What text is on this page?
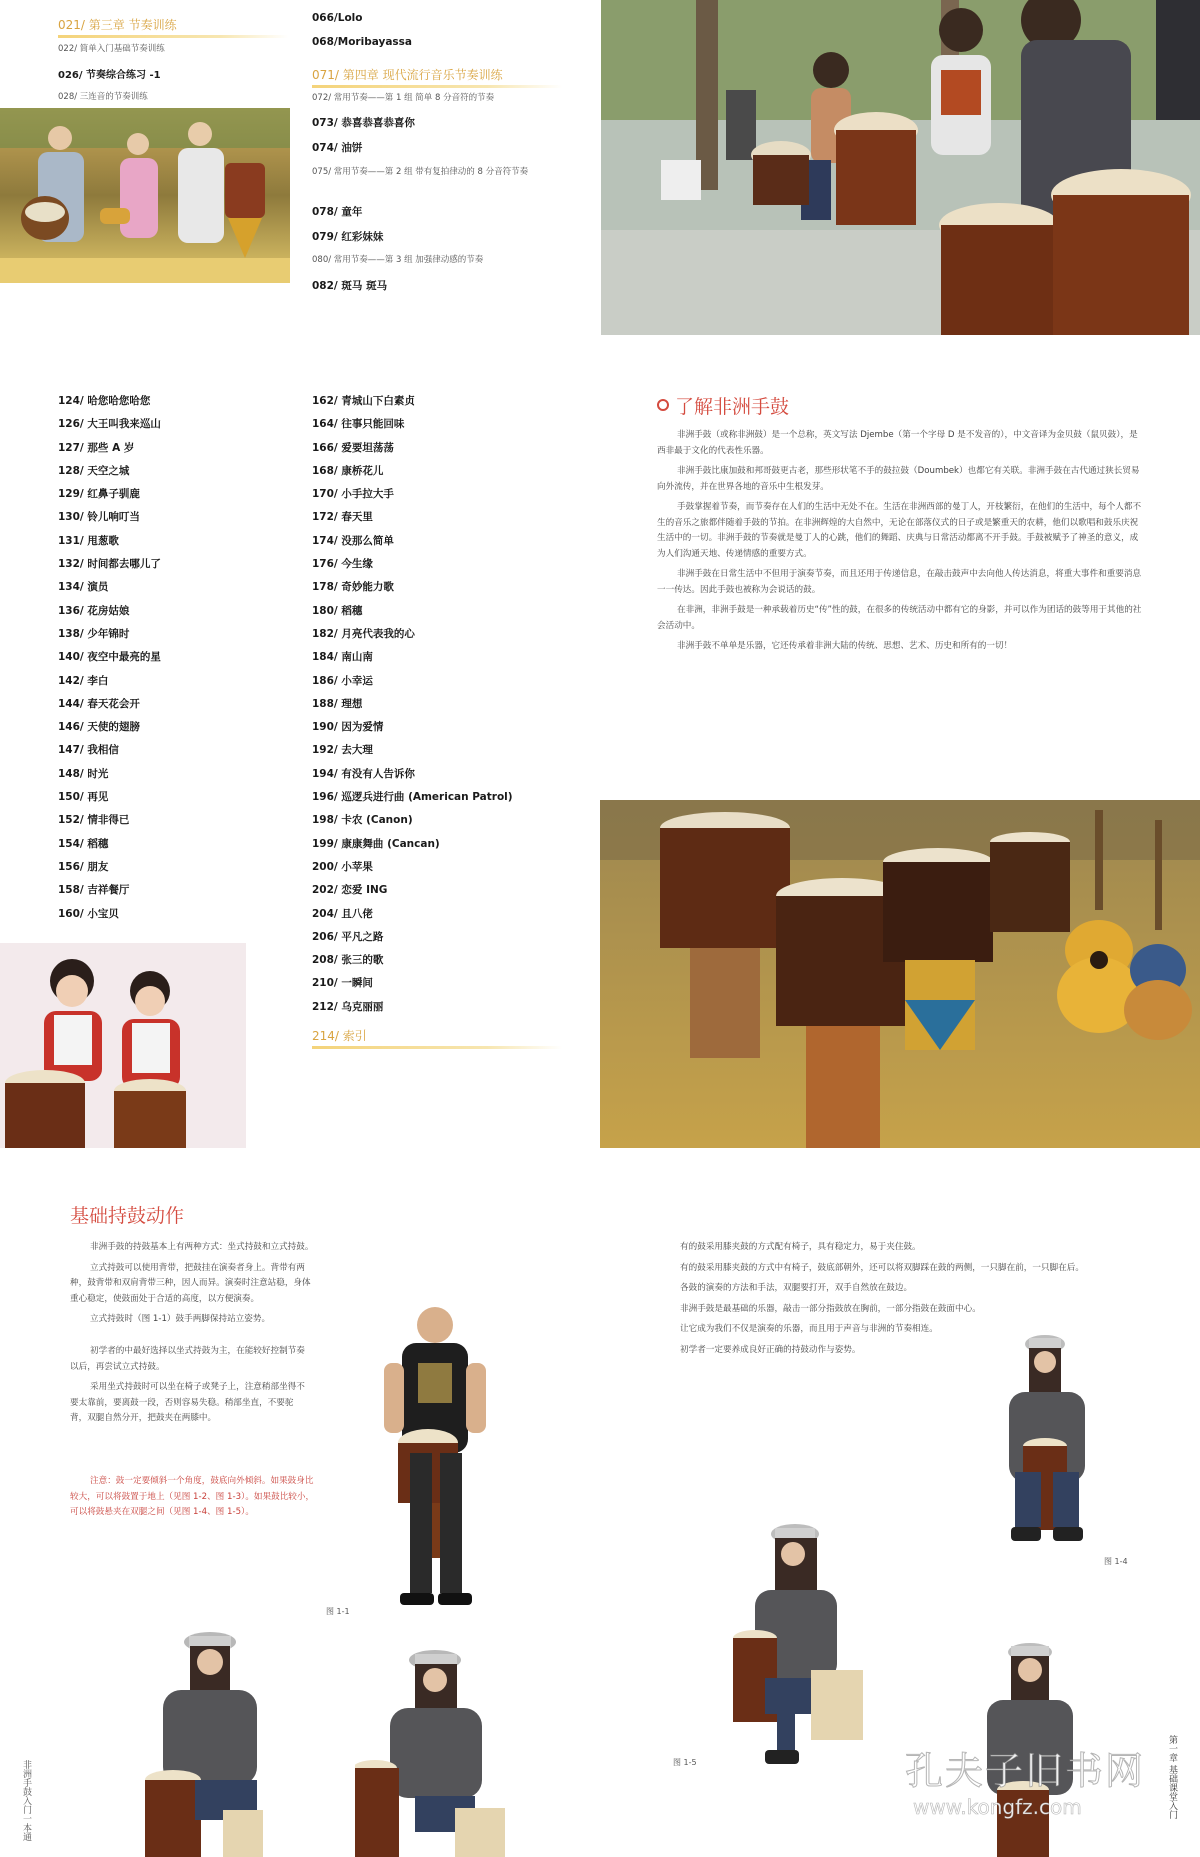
021/ 第三章 节奏训练
022/ 简单入门基础节奏训练
026/ 节奏综合练习 -1
028/ 三连音的节奏训练
066/Lolo
068/Moribayassa
071/ 第四章 现代流行音乐节奏训练
072/ 常用节奏——第 1 组 简单 8 分音符的节奏
073/ 恭喜恭喜恭喜你
074/ 油饼
075/ 常用节奏——第 2 组 带有复拍律动的 8 分音符节奏
078/ 童年
079/ 红彩妹妹
080/ 常用节奏——第 3 组 加强律动感的节奏
082/ 斑马 斑马
124/ 哈您哈您哈您
126/ 大王叫我来巡山
127/ 那些 A 岁
128/ 天空之城
129/ 红鼻子驯鹿
130/ 铃儿响叮当
131/ 甩葱歌
132/ 时间都去哪儿了
134/ 演员
136/ 花房姑娘
138/ 少年锦时
140/ 夜空中最亮的星
142/ 李白
144/ 春天花会开
146/ 天使的翅膀
147/ 我相信
148/ 时光
150/ 再见
152/ 情非得已
154/ 稻穗
156/ 朋友
158/ 吉祥餐厅
160/ 小宝贝
162/ 青城山下白素贞
164/ 往事只能回味
166/ 爱要坦荡荡
168/ 康桥花儿
170/ 小手拉大手
172/ 春天里
174/ 没那么简单
176/ 今生缘
178/ 奇妙能力歌
180/ 稻穗
182/ 月亮代表我的心
184/ 南山南
186/ 小幸运
188/ 理想
190/ 因为爱情
192/ 去大理
194/ 有没有人告诉你
196/ 巡逻兵进行曲 (American Patrol)
198/ 卡农 (Canon)
199/ 康康舞曲 (Cancan)
200/ 小苹果
202/ 恋爱 ING
204/ 且八佬
206/ 平凡之路
208/ 张三的歌
210/ 一瞬间
212/ 乌克丽丽
214/ 索引
了解非洲手鼓

非洲手鼓（或称非洲鼓）是一个总称，英文写法 Djembe（第一个字母 D 是不发音的），中文音译为金贝鼓（鼠贝鼓），是西非最于文化的代表性乐器。

非洲手鼓比康加鼓和邦哥鼓更古老，那些形状笔不手的鼓拉鼓（Doumbek）也都它有关联。非洲手鼓在古代通过狭长贸易向外流传，并在世界各地的音乐中生根发芽。

手鼓掌握着节奏，而节奏存在人们的生活中无处不在。生活在非洲西部的曼丁人，开枝繁衍，在他们的生活中，每个人都不生的音乐之旅都伴随着手鼓的节拍。在非洲辉煌的大自然中，无论在部落仪式的日子或是繁重天的农耕，他们以歌唱和鼓乐庆祝生活中的一切。非洲手鼓的节奏就是曼丁人的心跳，他们的舞蹈、庆典与日常活动都离不开手鼓。手鼓被赋予了神圣的意义，成为人们沟通天地、传递情感的重要方式。

非洲手鼓在日常生活中不但用于演奏节奏，而且还用于传递信息，在敲击鼓声中去向他人传达消息，将重大事件和重要消息一一传达。因此手鼓也被称为会说话的鼓。

在非洲，非洲手鼓是一种承载着历史“传”性的鼓，在很多的传统活动中都有它的身影，并可以作为团话的鼓等用于其他的社会活动中。

非洲手鼓不单单是乐器，它还传承着非洲大陆的传统、思想、艺术、历史和所有的一切！

基础持鼓动作

非洲手鼓的持鼓基本上有两种方式：坐式持鼓和立式持鼓。

立式持鼓可以使用背带，把鼓挂在演奏者身上。背带有两种，鼓背带和双肩背带三种，因人而异。演奏时注意站稳，身体重心稳定，使鼓面处于合适的高度，以方便演奏。

立式持鼓时（图 1-1）鼓手两脚保持站立姿势。

初学者的中最好选择以坐式持鼓为主，在能较好控制节奏以后，再尝试立式持鼓。

采用坐式持鼓时可以坐在椅子或凳子上，注意稍部坐得不要太靠前，要离鼓一段，否则容易失稳。稍部坐直，不要驼背，双腿自然分开，把鼓夹在两膝中。

注意：鼓一定要倾斜一个角度，鼓底向外倾斜。如果鼓身比较大，可以将鼓置于地上（见图 1-2、图 1-3）。如果鼓比较小，可以将鼓悬夹在双腿之间（见图 1-4、图 1-5）。

图 1-1

有的鼓采用膝夹鼓的方式配有椅子，具有稳定力，易于夹住鼓。

有的鼓采用膝夹鼓的方式中有椅子，鼓底部朝外，还可以将双脚踩在鼓的两侧，一只脚在前，一只脚在后。

各鼓的演奏的方法和手法，双腿要打开，双手自然放在鼓边。

非洲手鼓是最基础的乐器，敲击一部分指鼓放在胸前，一部分指鼓在鼓面中心。

让它成为我们不仅是演奏的乐器，而且用于声音与非洲的节奏相连。

初学者一定要养成良好正确的持鼓动作与姿势。

图 1-4
图 1-5
非洲手鼓入门一本通	第一章 基础课堂入门
孔夫子旧书网
www.kongfz.com
